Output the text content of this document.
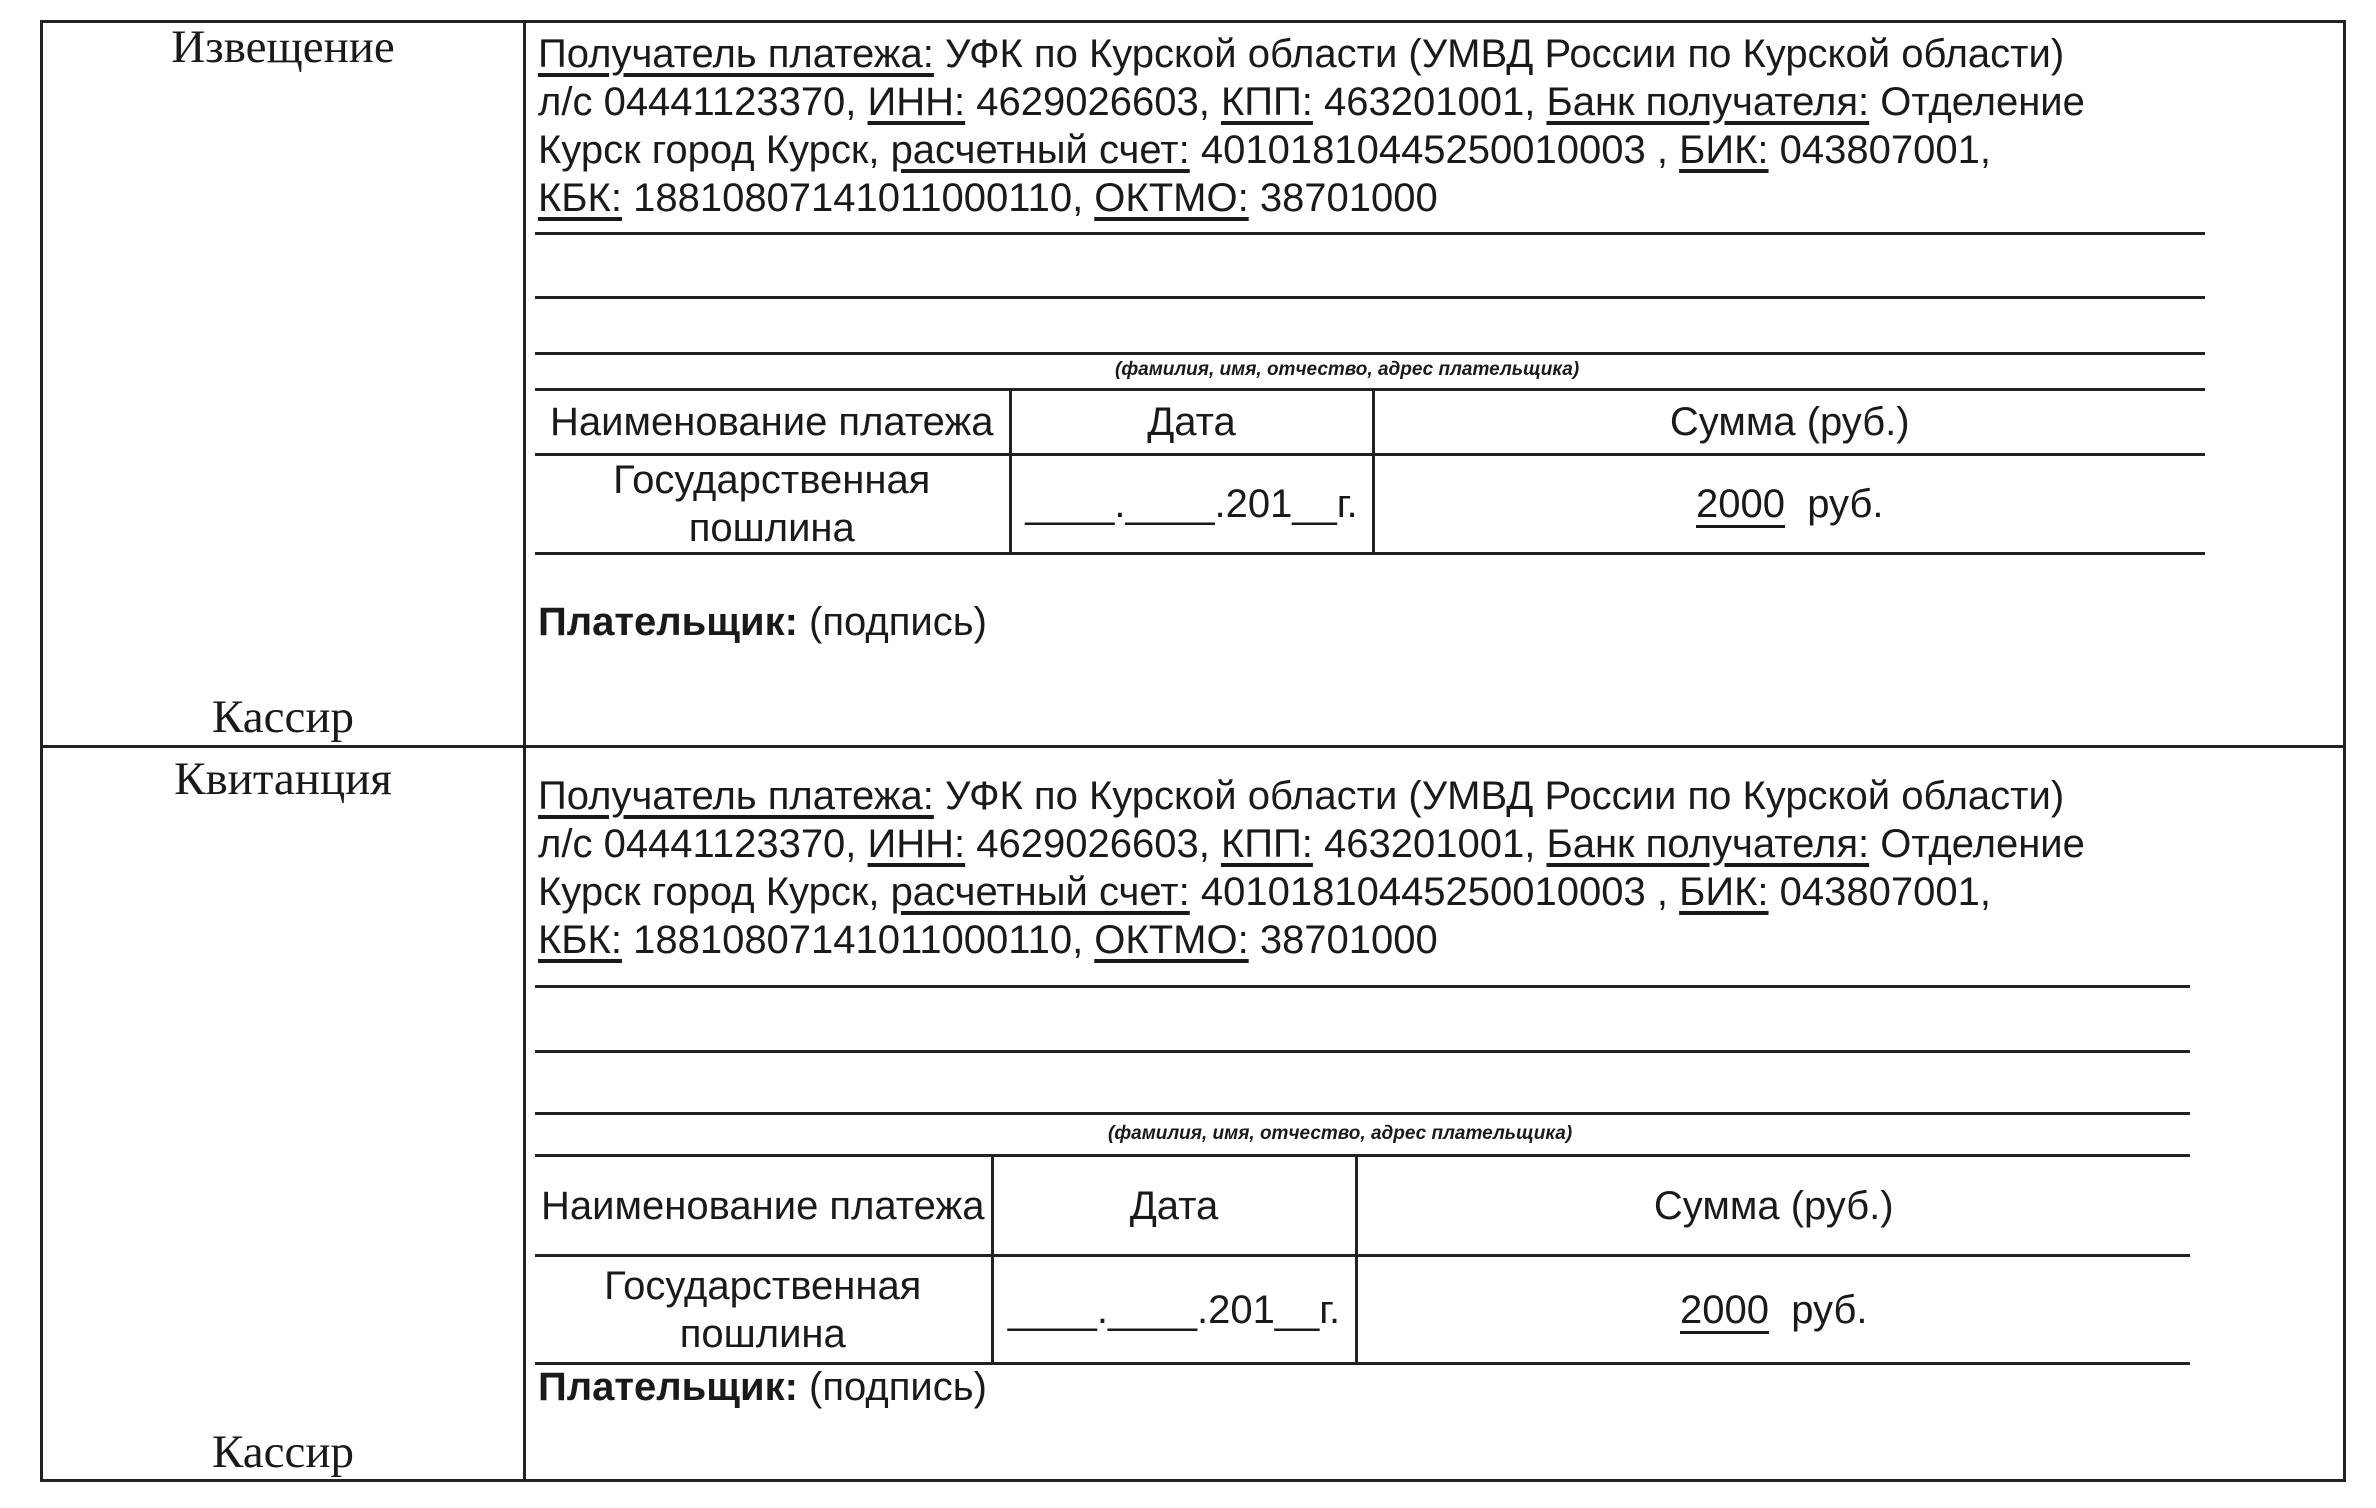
Извещение
Кассир
Получатель платежа: УФК по Курской области (УМВД России по Курской области)
л/с 04441123370, ИНН: 4629026603, КПП: 463201001, Банк получателя: Отделение
Курск город Курск, расчетный счет: 40101810445250010003 , БИК: 043807001,
КБК: 18810807141011000110, ОКТМО: 38701000
(фамилия, имя, отчество, адрес плательщика)
Наименование платежа	Дата	Сумма (руб.)
Государственная пошлина	____.____.201__г.	2000 руб.
Плательщик: (подпись)
Квитанция
Кассир
Получатель платежа: УФК по Курской области (УМВД России по Курской области)
л/с 04441123370, ИНН: 4629026603, КПП: 463201001, Банк получателя: Отделение
Курск город Курск, расчетный счет: 40101810445250010003 , БИК: 043807001,
КБК: 18810807141011000110, ОКТМО: 38701000
(фамилия, имя, отчество, адрес плательщика)
Наименование платежа	Дата	Сумма (руб.)
Государственная пошлина	____.____.201__г.	2000 руб.
Плательщик: (подпись)
